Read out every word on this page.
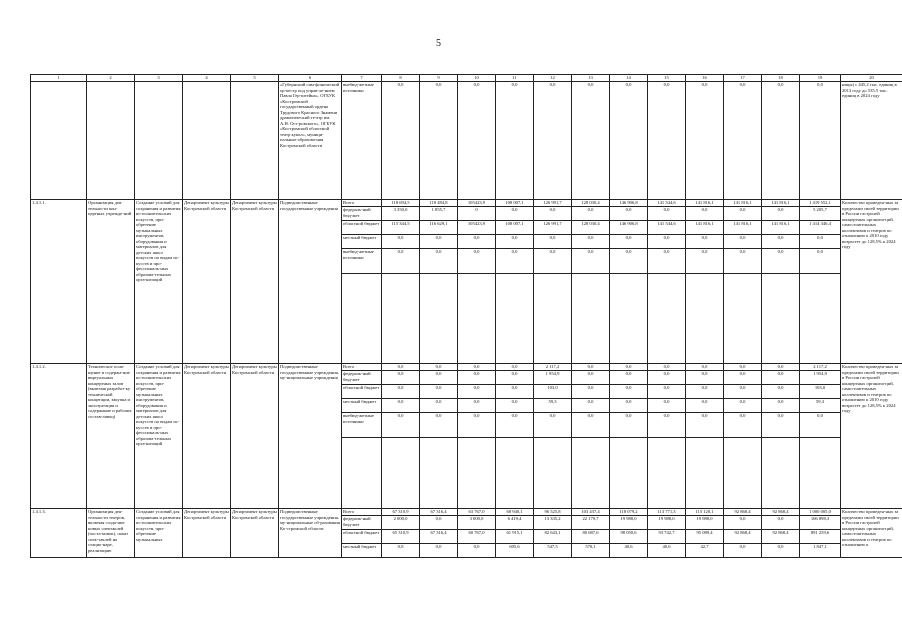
5
1	2	3	4	5	6	7	8	9	10	11	12	13	14	15	16	17	18	19	20
					«Губернский сим-фонический ор-кестр под управ-ле-нием Павла Гер-штейна», ОГБУК «Костромской государственный ордена Трудового Красного Знамени драматический те-атр им. А.Н. Ост-ровского», ОГБУК «Костромской областной театр кукол», муници-пальные образова-ния Костромской области	внебюд-жетные источники	0,0	0,0	0,0	0,0	0,0	0,0	0,0	0,0	0,0	0,0	0,0	0,0	ницы) с 445,2 тыс. единиц в 2013 году до 535,5 тыс. единиц в 2024 году
1.4.1.1.	Организация дея-тельности кон-цертных учрежде-ний	Создание условий для сохранения и развития ис-полнительских искусств, при-обретение музыкальных инструментов, оборудования и материалов для детских школ искусств по видам ис-кусств и про-фессиональ-ных образова-тельных орга-низаций	Департамент культуры Костромской области	Департамент культуры Костромской области	Подведомственные государственные учреждения	Всего	118 694,5	118 484,8	105423,9	108 007,1	126 991,7	128 030,4	146 906,8	141 544,6	141 816,1	141 816,1	141 816,1	1 419 552,1	Количество проведен-ных за пределами своей территории в России гастролей концертных организа-ций, самостоятельных коллективов и театров по отношению к 2010 году возрастет до 128,5% к 2024 году
						федераль-ный бюд-жет	3 350,0	1 855,7	0	0,0	0,0	0,0	0,0	0,0	0,0	0,0	0,0	5 205,7	
						областной бюджет	115 344,5	116 629,1	105423,9	108 007,1	126 991,7	128 030,4	146 906,8	141 544,6	141 816,1	141 816,1	141 816,1	1 414 346,4	
						местный бюджет	0,0	0,0	0,0	0,0	0,0	0,0	0,0	0,0	0,0	0,0	0,0	0,0	
						внебюд-жетные источники	0,0	0,0	0,0	0,0	0,0	0,0	0,0	0,0	0,0	0,0	0,0	0,0	

1.4.1.2.	Техническое осна-щение и содержа-ние виртуальных концертных залов (включая разработ-ку технической концепции, закупка и эксплуатация и содержание и рабочих состав-ляющ)	Создание условий для сохранения и развития ис-полнительских искусств, при-обретение музыкальных инструментов, оборудования и материалов для детских школ искусств по видам ис-кусств и про-фессиональ-ных образова-тельных орга-низаций	Департамент культуры Костромской области	Департамент культуры Костромской области	Подведомственные государственные учреждения, му-ниципальные учреждения	Всего	0,0	0,0	0,0	0,0	2 117,2	0,0	0,0	0,0	0,0	0,0	0,0	2 117,2	Количество проведен-ных за пределами своей территории в России гастролей концертных организа-ций, самостоятельных коллективов и театров по отношению к 2010 году возрастет до 128,5% к 2024 году
						федераль-ный бюд-жет	0,0	0,0	0,0	0,0	1 954,9	0,0	0,0	0,0	0,0	0,0	0,0	1 954,9	
						областной бюджет	0,0	0,0	0,0	0,0	103,0	0,0	0,0	0,0	0,0	0,0	0,0	103,0	
						местный бюджет	0,0	0,0	0,0	0,0	59,3	0,0	0,0	0,0	0,0	0,0	0,0	59,3	
						внебюд-жетные источники	0,0	0,0	0,0	0,0	0,0	0,0	0,0	0,0	0,0	0,0	0,0	0,0	

1.4.1.3.	Организация дея-тельности театров, включая созда-ние новых спектаклей (поста-новок), показ спек-таклей на стацио-наре, реализацию	Создание условий для сохранения и развития ис-полнительских искусств, при-обретение музыкальных	Департамент культуры Костромской области	Департамент культуры Костромской области	Подведомственные государственные учреждения, му-ниципальные об-разования Ко-стромской области	Всего	67 310,9	67 316,4	63 767,0	68 940,1	96 525,8	103 437,4	118 079,2	113 771,3	115 120,1	92 868,4	92 868,4	1 000 005,0	Количество проведен-ных за пределами своей территории в России гастролей концертных организа-ций, самостоятельных коллективов и театров по отношению к
						федераль-ный бюд-жет	2 000,0	0,0	3 000,0	6 419,4	13 335,2	22 179,7	19 988,0	19 988,0	19 988,0	0,0	0,0	106 898,3	
						областной бюджет	65 310,9	67 316,4	60 767,0	61 915,1	82 643,1	80 687,6	98 050,6	93 742,7	95 089,4	92 868,4	92 868,4	891 259,6	
						местный бюджет	0,0	0,0	0,0	605,6	547,5	570,1	40,6	40,6	42,7	0,0	0,0	1 847,1	
